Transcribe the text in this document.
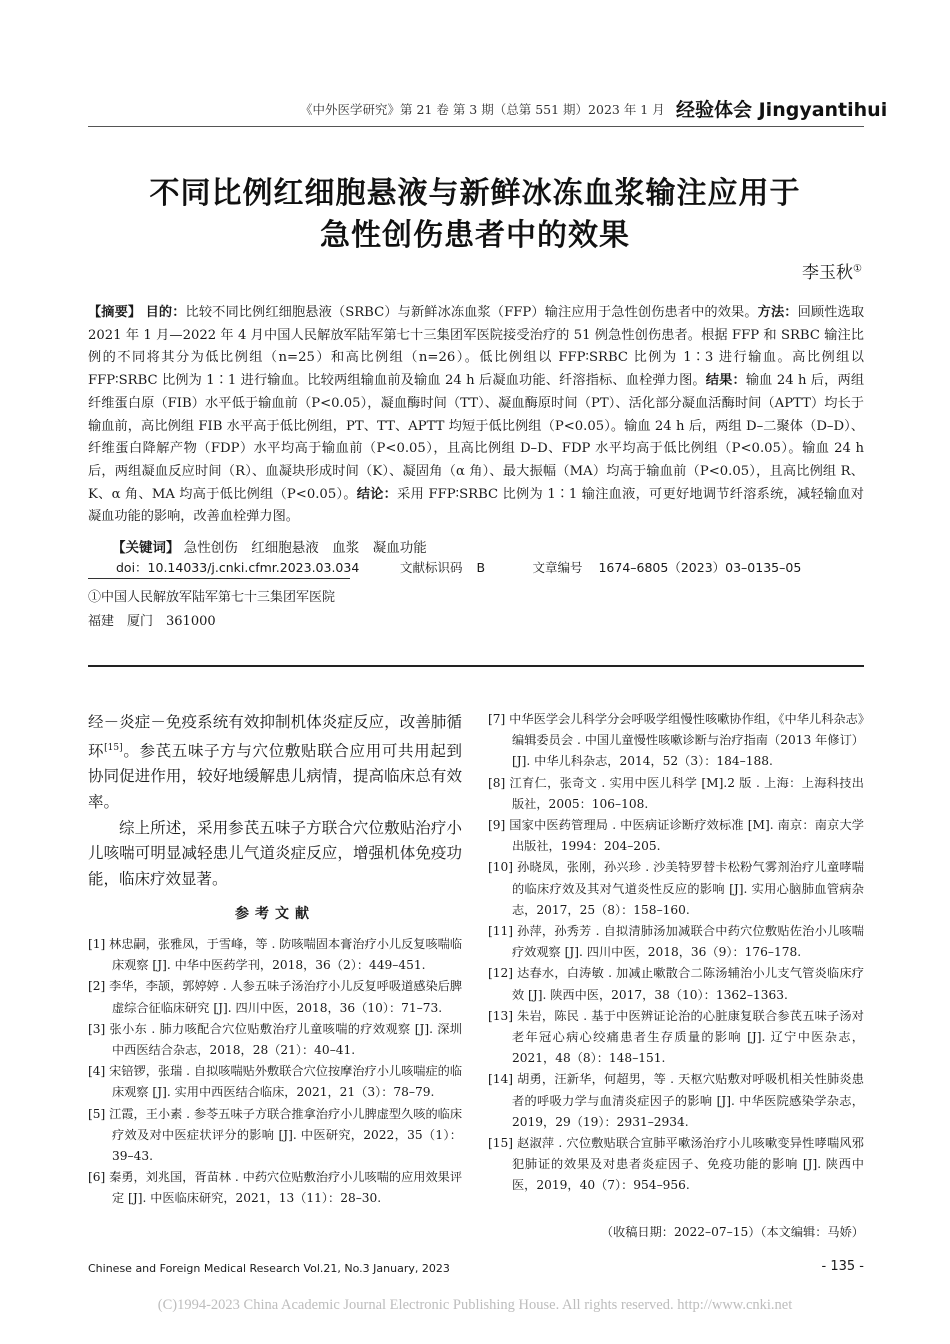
《中外医学研究》第 21 卷 第 3 期（总第 551 期）2023 年 1 月 经验体会 Jingyantihui
不同比例红细胞悬液与新鲜冰冻血浆输注应用于
急性创伤患者中的效果
李玉秋①
【摘要】 目的：比较不同比例红细胞悬液（SRBC）与新鲜冰冻血浆（FFP）输注应用于急性创伤患者中的效果。方法：回顾性选取 2021 年 1 月—2022 年 4 月中国人民解放军陆军第七十三集团军医院接受治疗的 51 例急性创伤患者。根据 FFP 和 SRBC 输注比例的不同将其分为低比例组（n=25）和高比例组（n=26）。低比例组以 FFP∶SRBC 比例为 1∶3 进行输血。高比例组以 FFP∶SRBC 比例为 1∶1 进行输血。比较两组输血前及输血 24 h 后凝血功能、纤溶指标、血栓弹力图。结果：输血 24 h 后，两组纤维蛋白原（FIB）水平低于输血前（P<0.05），凝血酶时间（TT）、凝血酶原时间（PT）、活化部分凝血活酶时间（APTT）均长于输血前，高比例组 FIB 水平高于低比例组，PT、TT、APTT 均短于低比例组（P<0.05）。输血 24 h 后，两组 D–二聚体（D–D）、纤维蛋白降解产物（FDP）水平均高于输血前（P<0.05），且高比例组 D–D、FDP 水平均高于低比例组（P<0.05）。输血 24 h 后，两组凝血反应时间（R）、血凝块形成时间（K）、凝固角（α 角）、最大振幅（MA）均高于输血前（P<0.05），且高比例组 R、K、α 角、MA 均高于低比例组（P<0.05）。结论：采用 FFP∶SRBC 比例为 1∶1 输注血液，可更好地调节纤溶系统，减轻输血对凝血功能的影响，改善血栓弹力图。
【关键词】 急性创伤　红细胞悬液　血浆　凝血功能
doi：10.14033/j.cnki.cfmr.2023.03.034	文献标识码 B	文章编号 1674–6805（2023）03–0135–05
①中国人民解放军陆军第七十三集团军医院
福建　厦门　361000

经－炎症－免疫系统有效抑制机体炎症反应，改善肺循环[15]。参芪五味子方与穴位敷贴联合应用可共用起到协同促进作用，较好地缓解患儿病情，提高临床总有效率。

综上所述，采用参芪五味子方联合穴位敷贴治疗小儿咳喘可明显减轻患儿气道炎症反应，增强机体免疫功能，临床疗效显著。

参考文献

[1] 林忠嗣，张雅凤，于雪峰，等 . 防咳喘固本膏治疗小儿反复咳喘临床观察 [J]. 中华中医药学刊，2018，36（2）：449–451.

[2] 李华，李颉，郭婷婷 . 人参五味子汤治疗小儿反复呼吸道感染后脾虚综合征临床研究 [J]. 四川中医，2018，36（10）：71–73.

[3] 张小东 . 肺力咳配合穴位贴敷治疗儿童咳喘的疗效观察 [J]. 深圳中西医结合杂志，2018，28（21）：40–41.

[4] 宋锫锣，张瑞 . 自拟咳喘贴外敷联合穴位按摩治疗小儿咳喘症的临床观察 [J]. 实用中西医结合临床，2021，21（3）：78–79.

[5] 江霞，王小素 . 参苓五味子方联合推拿治疗小儿脾虚型久咳的临床疗效及对中医症状评分的影响 [J]. 中医研究，2022，35（1）：39–43.

[6] 秦勇，刘兆国，胥苗林 . 中药穴位贴敷治疗小儿咳喘的应用效果评定 [J]. 中医临床研究，2021，13（11）：28–30.

[7] 中华医学会儿科学分会呼吸学组慢性咳嗽协作组，《中华儿科杂志》编辑委员会 . 中国儿童慢性咳嗽诊断与治疗指南（2013 年修订）[J]. 中华儿科杂志，2014，52（3）：184–188.

[8] 江育仁，张奇文 . 实用中医儿科学 [M].2 版 . 上海：上海科技出版社，2005：106–108.

[9] 国家中医药管理局 . 中医病证诊断疗效标准 [M]. 南京：南京大学出版社，1994：204–205.

[10] 孙晓凤，张刚，孙兴珍 . 沙美特罗替卡松粉气雾剂治疗儿童哮喘的临床疗效及其对气道炎性反应的影响 [J]. 实用心脑肺血管病杂志，2017，25（8）：158–160.

[11] 孙萍，孙秀芳 . 自拟清肺汤加减联合中药穴位敷贴佐治小儿咳喘疗效观察 [J]. 四川中医，2018，36（9）：176–178.

[12] 达春水，白涛敏 . 加减止嗽散合二陈汤辅治小儿支气管炎临床疗效 [J]. 陕西中医，2017，38（10）：1362–1363.

[13] 朱岩，陈民 . 基于中医辨证论治的心脏康复联合参芪五味子汤对老年冠心病心绞痛患者生存质量的影响 [J]. 辽宁中医杂志，2021，48（8）：148–151.

[14] 胡勇，汪新华，何超男，等 . 天枢穴贴敷对呼吸机相关性肺炎患者的呼吸力学与血清炎症因子的影响 [J]. 中华医院感染学杂志，2019，29（19）：2931–2934.

[15] 赵淑萍 . 穴位敷贴联合宣肺平嗽汤治疗小儿咳嗽变异性哮喘风邪犯肺证的效果及对患者炎症因子、免疫功能的影响 [J]. 陕西中医，2019，40（7）：954–956.

（收稿日期：2022–07–15）（本文编辑：马娇）
Chinese and Foreign Medical Research Vol.21, No.3 January, 2023	- 135 -
(C)1994-2023 China Academic Journal Electronic Publishing House. All rights reserved. http://www.cnki.net
